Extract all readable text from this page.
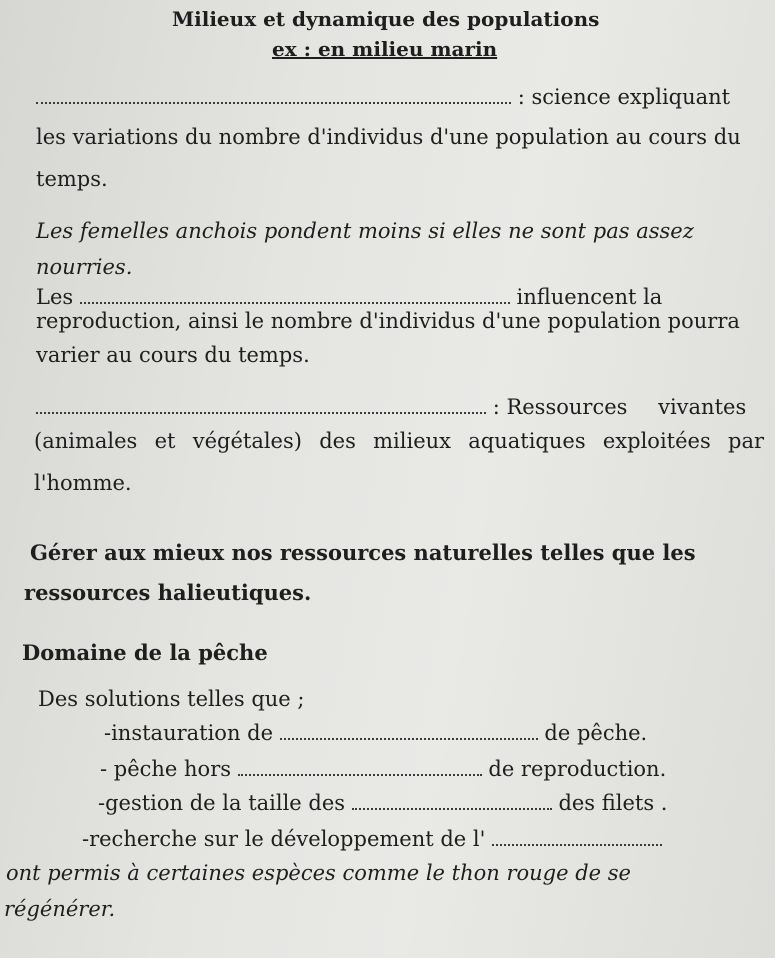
Milieux et dynamique des populations
ex : en milieu marin
: science expliquant
les variations du nombre d'individus d'une population au cours du
temps.
Les femelles anchois pondent moins si elles ne sont pas assez
nourries.
Les	influencent la
reproduction, ainsi le nombre d'individus d'une population pourra
varier au cours du temps.
: Ressources vivantes
(animales et végétales) des milieux aquatiques exploitées par
l'homme.
Gérer aux mieux nos ressources naturelles telles que les
ressources halieutiques.
Domaine de la pêche
Des solutions telles que ;
-instauration de	de pêche.
- pêche hors	de reproduction.
-gestion de la taille des	des filets .
-recherche sur le développement de l'
ont permis à certaines espèces comme le thon rouge de se
régénérer.
